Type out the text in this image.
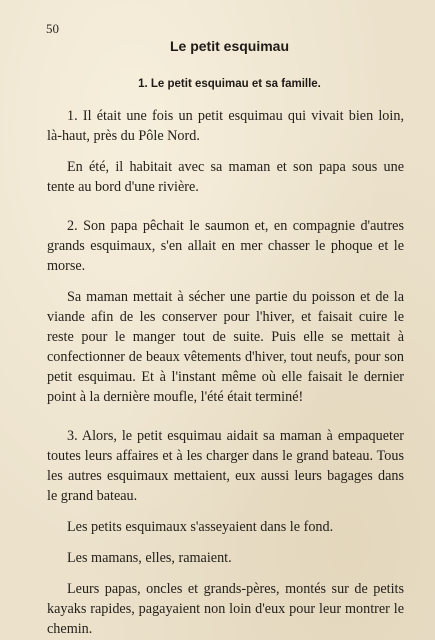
50
Le petit esquimau
1. Le petit esquimau et sa famille.

1. Il était une fois un petit esquimau qui vivait bien loin, là-haut, près du Pôle Nord.

En été, il habitait avec sa maman et son papa sous une tente au bord d'une rivière.

2. Son papa pêchait le saumon et, en compagnie d'autres grands esquimaux, s'en allait en mer chasser le phoque et le morse.

Sa maman mettait à sécher une partie du poisson et de la viande afin de les conserver pour l'hiver, et faisait cuire le reste pour le manger tout de suite. Puis elle se mettait à confectionner de beaux vêtements d'hiver, tout neufs, pour son petit esquimau. Et à l'instant même où elle faisait le dernier point à la dernière moufle, l'été était terminé!

3. Alors, le petit esquimau aidait sa maman à empaqueter toutes leurs affaires et à les charger dans le grand bateau. Tous les autres esquimaux mettaient, eux aussi leurs bagages dans le grand bateau.

Les petits esquimaux s'asseyaient dans le fond.

Les mamans, elles, ramaient.

Leurs papas, oncles et grands-pères, montés sur de petits kayaks rapides, pagayaient non loin d'eux pour leur montrer le chemin.
